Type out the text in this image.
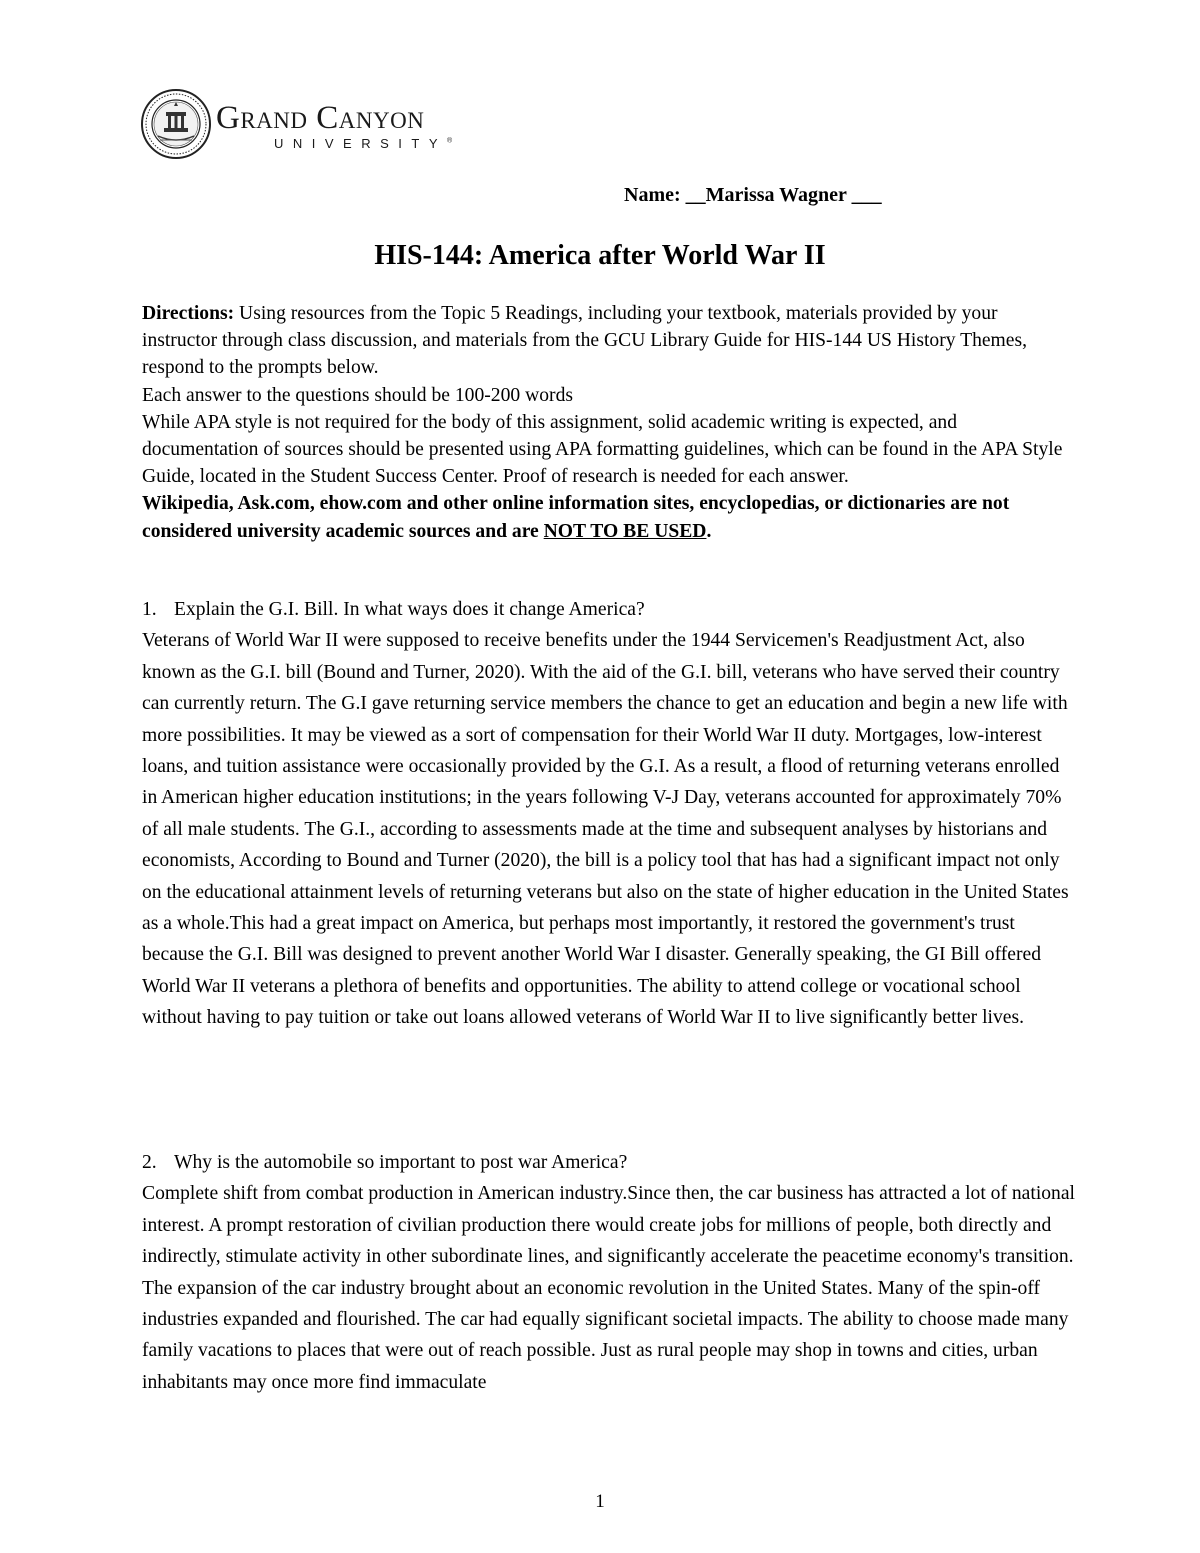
Grand Canyon
UNIVERSITY®
Name: __Marissa Wagner ___
HIS-144: America after World War II

Directions: Using resources from the Topic 5 Readings, including your textbook, materials provided by your instructor through class discussion, and materials from the GCU Library Guide for HIS-144 US History Themes, respond to the prompts below.

Each answer to the questions should be 100-200 words

While APA style is not required for the body of this assignment, solid academic writing is expected, and documentation of sources should be presented using APA formatting guidelines, which can be found in the APA Style Guide, located in the Student Success Center. Proof of research is needed for each answer.

Wikipedia, Ask.com, ehow.com and other online information sites, encyclopedias, or dictionaries are not considered university academic sources and are NOT TO BE USED.

1. Explain the G.I. Bill. In what ways does it change America?

Veterans of World War II were supposed to receive benefits under the 1944 Servicemen's Readjustment Act, also known as the G.I. bill (Bound and Turner, 2020). With the aid of the G.I. bill, veterans who have served their country can currently return. The G.I gave returning service members the chance to get an education and begin a new life with more possibilities. It may be viewed as a sort of compensation for their World War II duty. Mortgages, low-interest loans, and tuition assistance were occasionally provided by the G.I. As a result, a flood of returning veterans enrolled in American higher education institutions; in the years following V-J Day, veterans accounted for approximately 70% of all male students. The G.I., according to assessments made at the time and subsequent analyses by historians and economists, According to Bound and Turner (2020), the bill is a policy tool that has had a significant impact not only on the educational attainment levels of returning veterans but also on the state of higher education in the United States as a whole.This had a great impact on America, but perhaps most importantly, it restored the government's trust because the G.I. Bill was designed to prevent another World War I disaster. Generally speaking, the GI Bill offered World War II veterans a plethora of benefits and opportunities. The ability to attend college or vocational school without having to pay tuition or take out loans allowed veterans of World War II to live significantly better lives.

2. Why is the automobile so important to post war America?

Complete shift from combat production in American industry.Since then, the car business has attracted a lot of national interest. A prompt restoration of civilian production there would create jobs for millions of people, both directly and indirectly, stimulate activity in other subordinate lines, and significantly accelerate the peacetime economy's transition. The expansion of the car industry brought about an economic revolution in the United States. Many of the spin-off industries expanded and flourished. The car had equally significant societal impacts. The ability to choose made many family vacations to places that were out of reach possible. Just as rural people may shop in towns and cities, urban inhabitants may once more find immaculate

1
